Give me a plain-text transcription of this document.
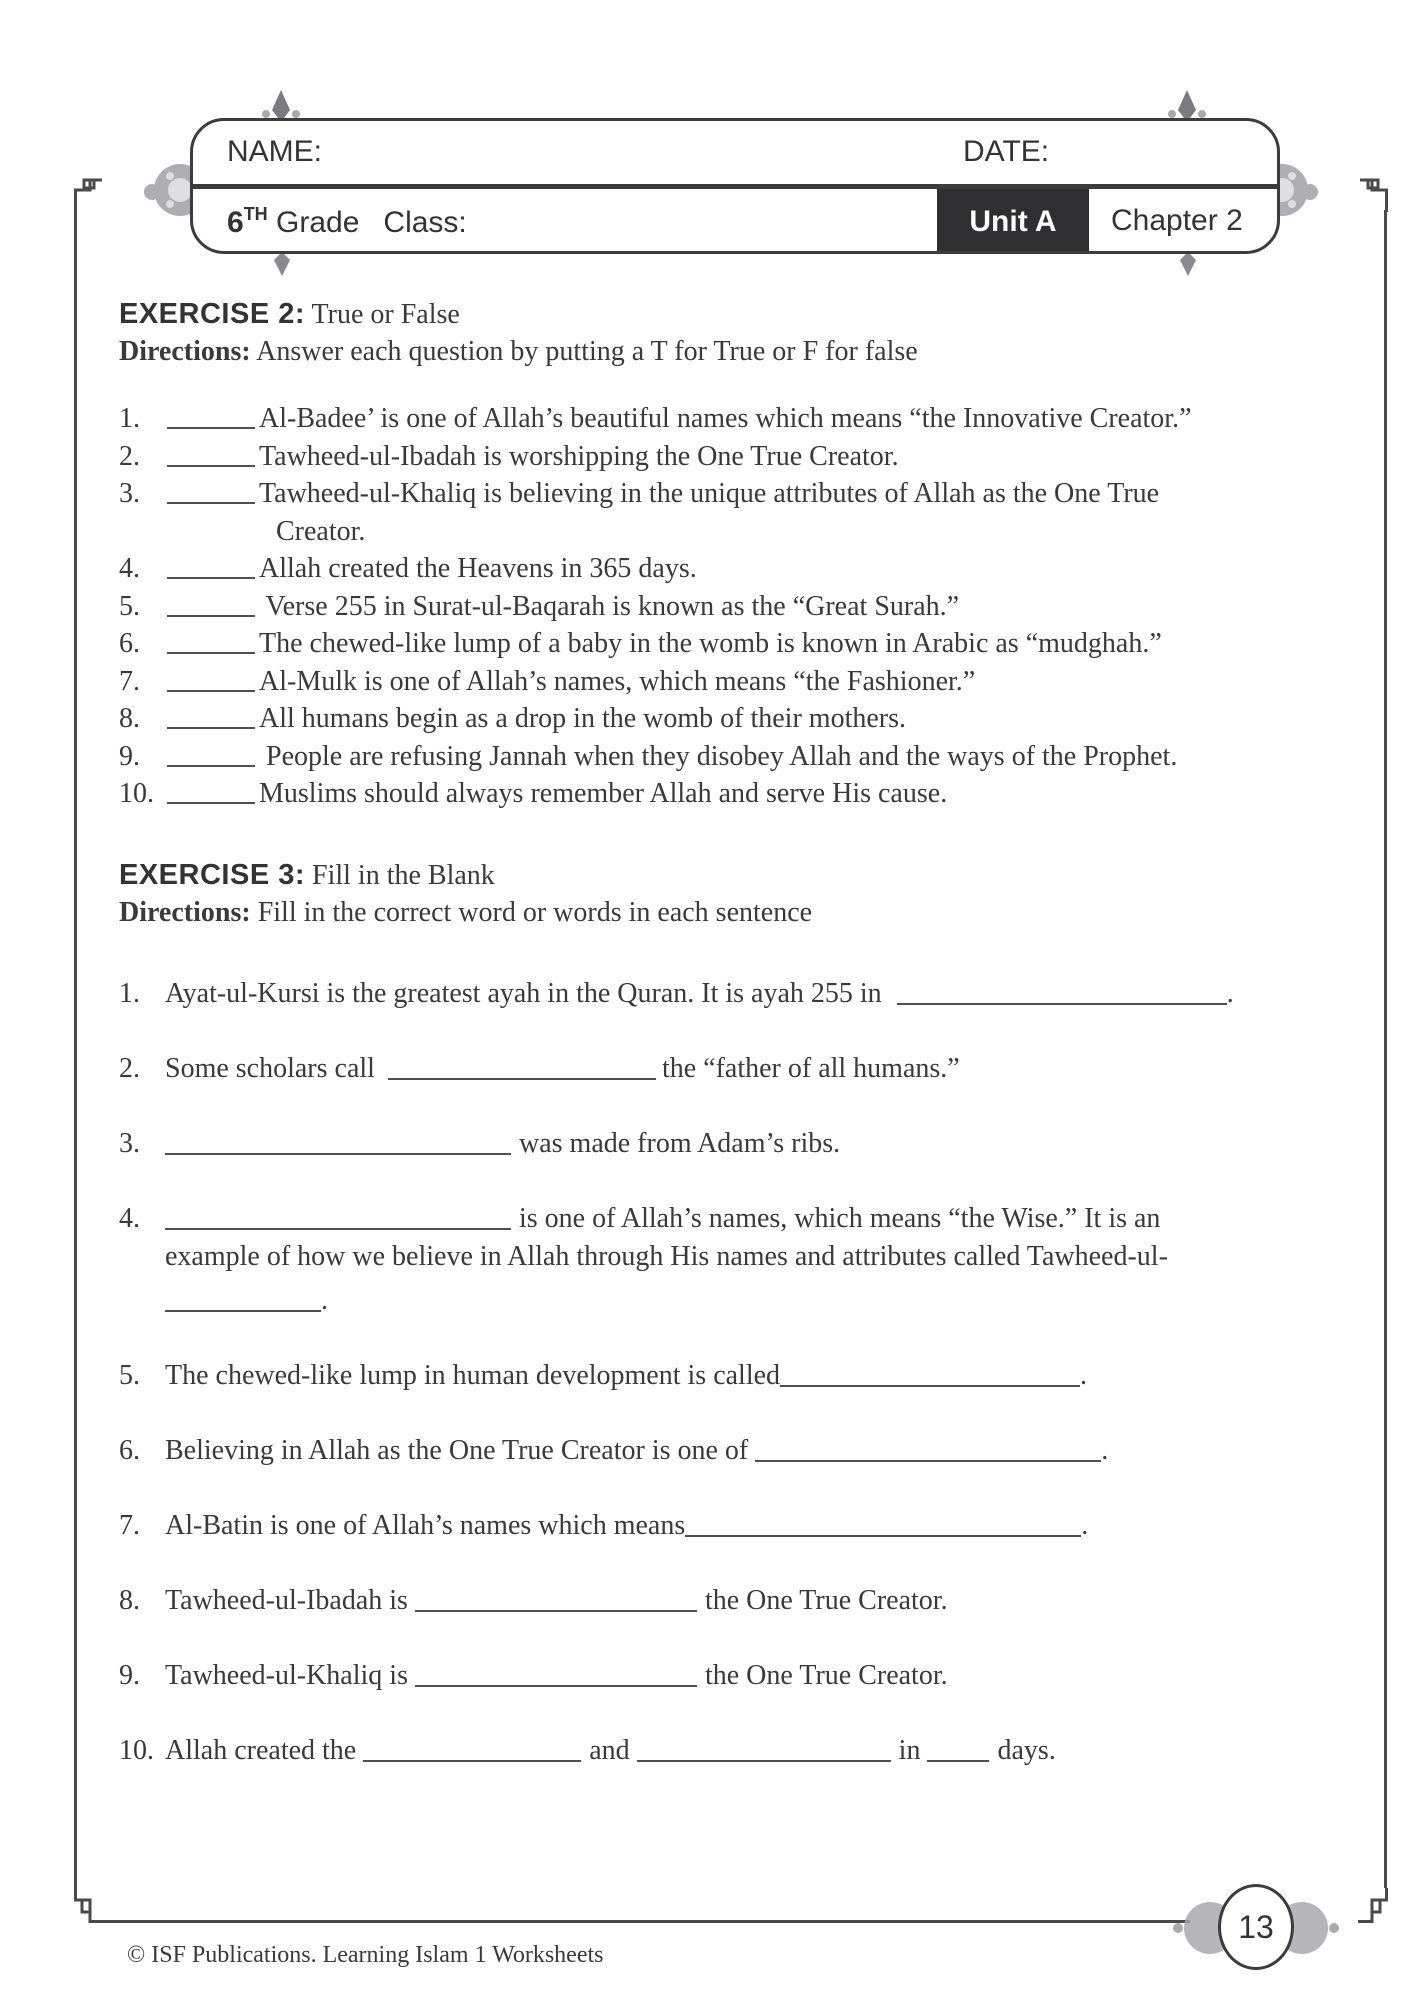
NAME:	DATE:
6TH Grade Class:	Unit A	Chapter 2
EXERCISE 2: True or False
Directions: Answer each question by putting a T for True or F for false
1.	Al-Badee’ is one of Allah’s beautiful names which means “the Innovative Creator.”
2.	Tawheed-ul-Ibadah is worshipping the One True Creator.
3.	Tawheed-ul-Khaliq is believing in the unique attributes of Allah as the One True
Creator.
4.	Allah created the Heavens in 365 days.
5.	Verse 255 in Surat-ul-Baqarah is known as the “Great Surah.”
6.	The chewed-like lump of a baby in the womb is known in Arabic as “mudghah.”
7.	Al-Mulk is one of Allah’s names, which means “the Fashioner.”
8.	All humans begin as a drop in the womb of their mothers.
9.	People are refusing Jannah when they disobey Allah and the ways of the Prophet.
10.	Muslims should always remember Allah and serve His cause.
EXERCISE 3: Fill in the Blank
Directions: Fill in the correct word or words in each sentence
1. Ayat-ul-Kursi is the greatest ayah in the Quran. It is ayah 255 in	.
2. Some scholars call	the “father of all humans.”
3.	was made from Adam’s ribs.
4.	is one of Allah’s names, which means “the Wise.” It is an
example of how we believe in Allah through His names and attributes called Tawheed-ul-
.
5. The chewed-like lump in human development is called	.
6. Believing in Allah as the One True Creator is one of	.
7. Al-Batin is one of Allah’s names which means	.
8. Tawheed-ul-Ibadah is	the One True Creator.
9. Tawheed-ul-Khaliq is	the One True Creator.
10. Allah created the	and	in	days.
© ISF Publications. Learning Islam 1 Worksheets
13
